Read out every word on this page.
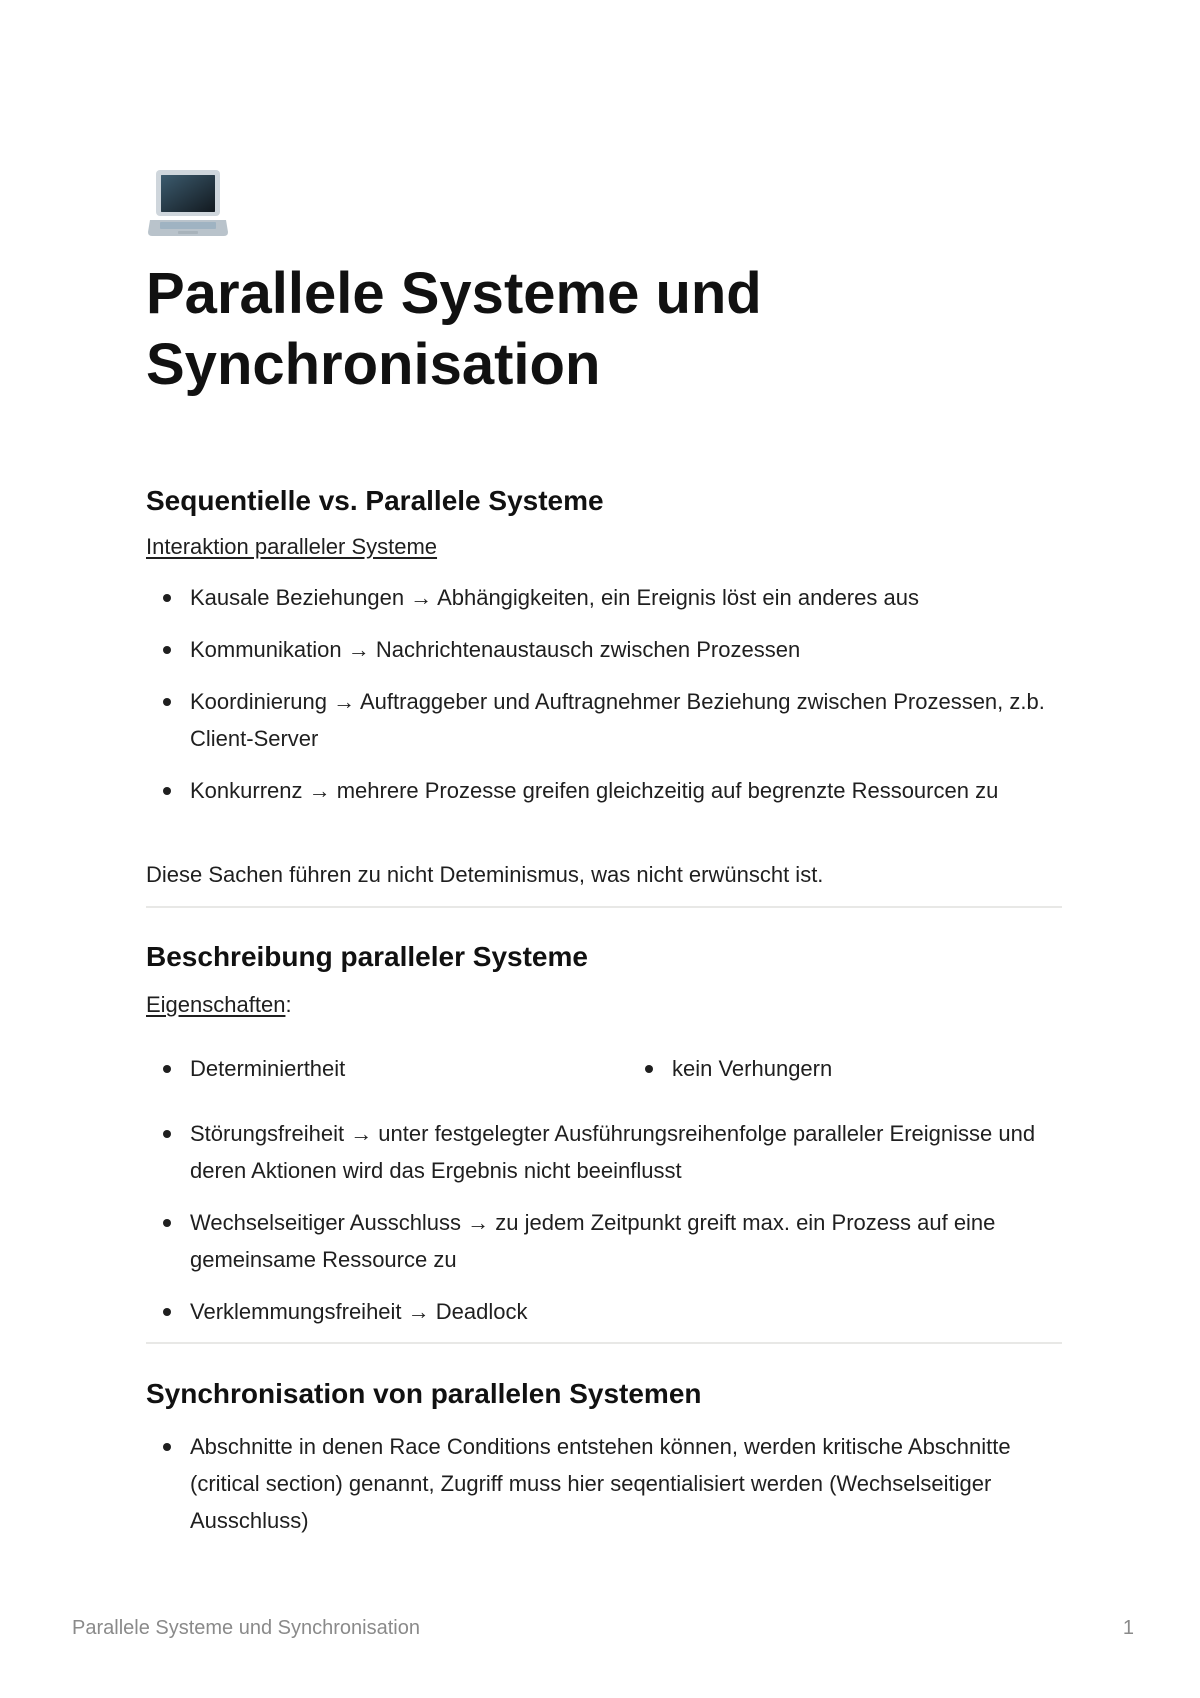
Parallele Systeme und Synchronisation
Sequentielle vs. Parallele Systeme
Interaktion paralleler Systeme
Kausale Beziehungen → Abhängigkeiten, ein Ereignis löst ein anderes aus
Kommunikation → Nachrichtenaustausch zwischen Prozessen
Koordinierung → Auftraggeber und Auftragnehmer Beziehung zwischen Prozessen, z.b. Client-Server
Konkurrenz → mehrere Prozesse greifen gleichzeitig auf begrenzte Ressourcen zu
Diese Sachen führen zu nicht Deteminismus, was nicht erwünscht ist.
Beschreibung paralleler Systeme
Eigenschaften:
Determiniertheit	kein Verhungern
Störungsfreiheit → unter festgelegter Ausführungsreihenfolge paralleler Ereignisse und deren Aktionen wird das Ergebnis nicht beeinflusst
Wechselseitiger Ausschluss → zu jedem Zeitpunkt greift max. ein Prozess auf eine gemeinsame Ressource zu
Verklemmungsfreiheit → Deadlock
Synchronisation von parallelen Systemen
Abschnitte in denen Race Conditions entstehen können, werden kritische Abschnitte (critical section) genannt, Zugriff muss hier seqentialisiert werden (Wechselseitiger Ausschluss)
Parallele Systeme und Synchronisation	1
